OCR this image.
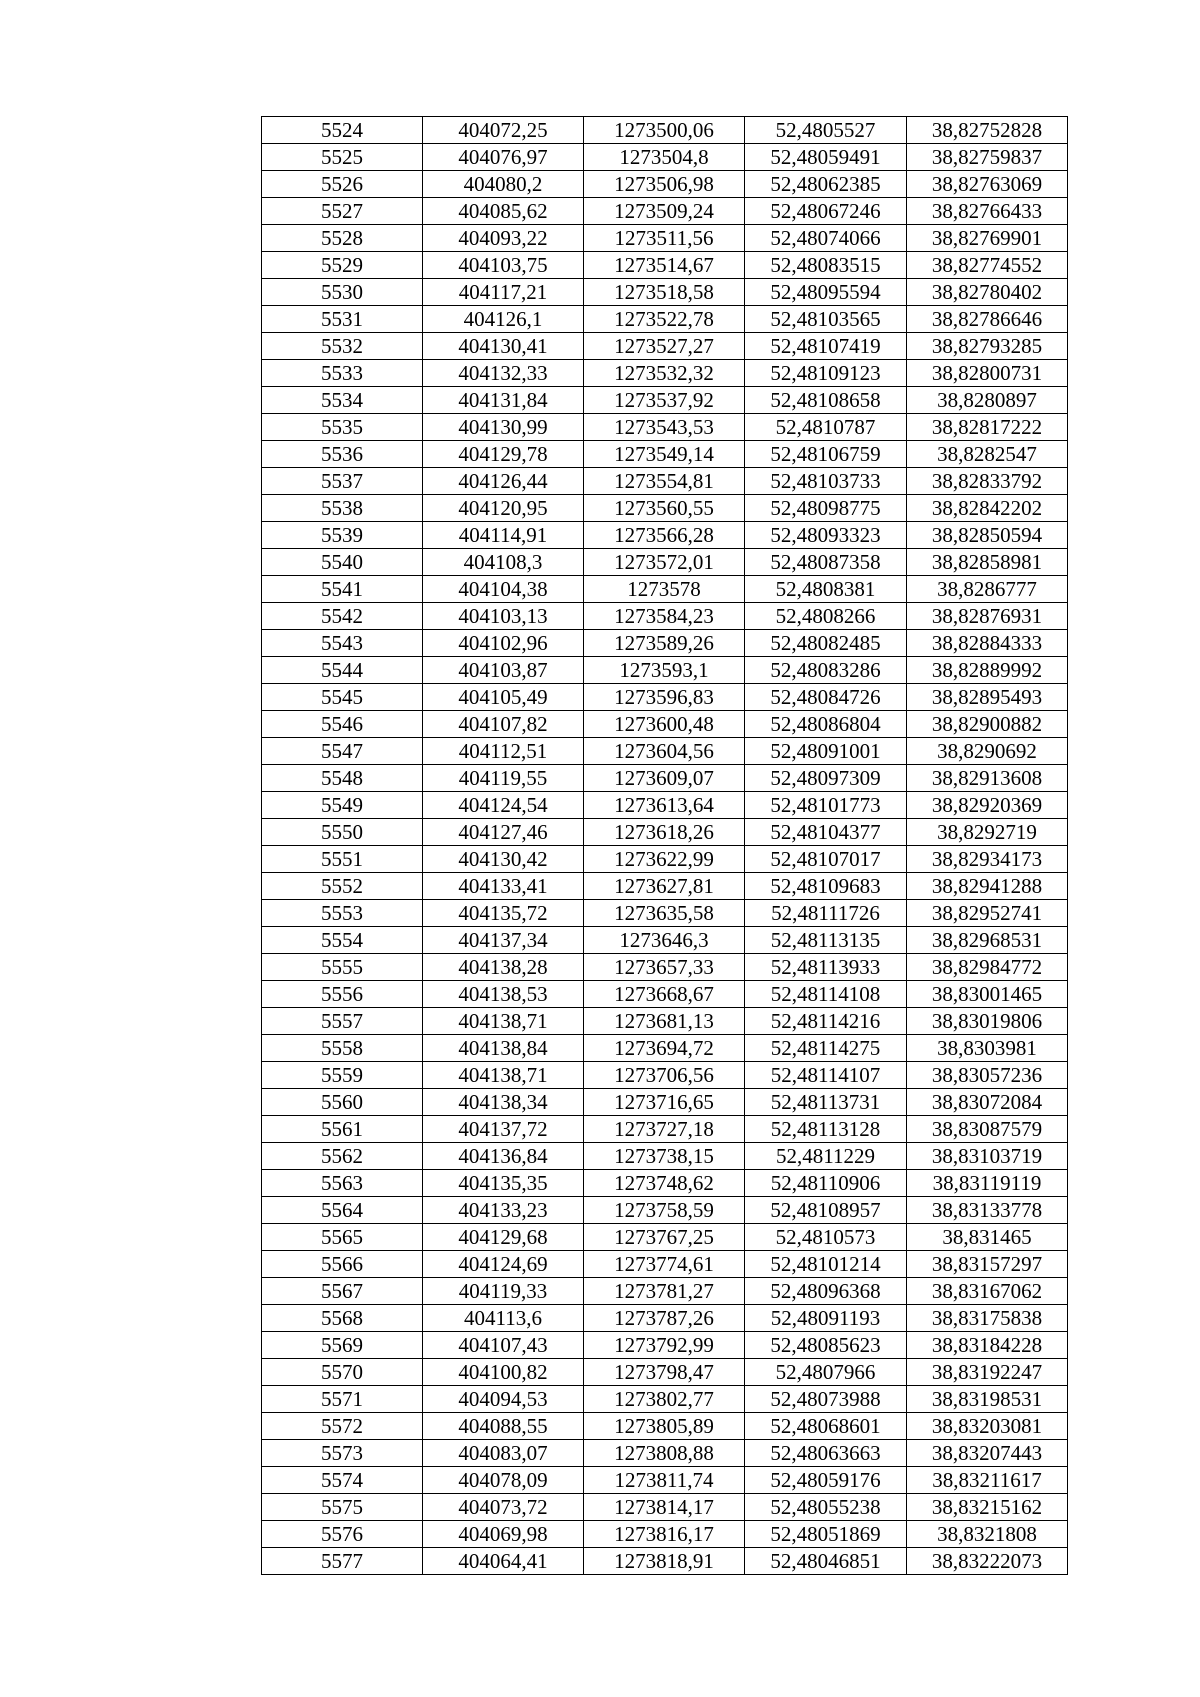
5524	404072,25	1273500,06	52,4805527	38,82752828
5525	404076,97	1273504,8	52,48059491	38,82759837
5526	404080,2	1273506,98	52,48062385	38,82763069
5527	404085,62	1273509,24	52,48067246	38,82766433
5528	404093,22	1273511,56	52,48074066	38,82769901
5529	404103,75	1273514,67	52,48083515	38,82774552
5530	404117,21	1273518,58	52,48095594	38,82780402
5531	404126,1	1273522,78	52,48103565	38,82786646
5532	404130,41	1273527,27	52,48107419	38,82793285
5533	404132,33	1273532,32	52,48109123	38,82800731
5534	404131,84	1273537,92	52,48108658	38,8280897
5535	404130,99	1273543,53	52,4810787	38,82817222
5536	404129,78	1273549,14	52,48106759	38,8282547
5537	404126,44	1273554,81	52,48103733	38,82833792
5538	404120,95	1273560,55	52,48098775	38,82842202
5539	404114,91	1273566,28	52,48093323	38,82850594
5540	404108,3	1273572,01	52,48087358	38,82858981
5541	404104,38	1273578	52,4808381	38,8286777
5542	404103,13	1273584,23	52,4808266	38,82876931
5543	404102,96	1273589,26	52,48082485	38,82884333
5544	404103,87	1273593,1	52,48083286	38,82889992
5545	404105,49	1273596,83	52,48084726	38,82895493
5546	404107,82	1273600,48	52,48086804	38,82900882
5547	404112,51	1273604,56	52,48091001	38,8290692
5548	404119,55	1273609,07	52,48097309	38,82913608
5549	404124,54	1273613,64	52,48101773	38,82920369
5550	404127,46	1273618,26	52,48104377	38,8292719
5551	404130,42	1273622,99	52,48107017	38,82934173
5552	404133,41	1273627,81	52,48109683	38,82941288
5553	404135,72	1273635,58	52,48111726	38,82952741
5554	404137,34	1273646,3	52,48113135	38,82968531
5555	404138,28	1273657,33	52,48113933	38,82984772
5556	404138,53	1273668,67	52,48114108	38,83001465
5557	404138,71	1273681,13	52,48114216	38,83019806
5558	404138,84	1273694,72	52,48114275	38,8303981
5559	404138,71	1273706,56	52,48114107	38,83057236
5560	404138,34	1273716,65	52,48113731	38,83072084
5561	404137,72	1273727,18	52,48113128	38,83087579
5562	404136,84	1273738,15	52,4811229	38,83103719
5563	404135,35	1273748,62	52,48110906	38,83119119
5564	404133,23	1273758,59	52,48108957	38,83133778
5565	404129,68	1273767,25	52,4810573	38,831465
5566	404124,69	1273774,61	52,48101214	38,83157297
5567	404119,33	1273781,27	52,48096368	38,83167062
5568	404113,6	1273787,26	52,48091193	38,83175838
5569	404107,43	1273792,99	52,48085623	38,83184228
5570	404100,82	1273798,47	52,4807966	38,83192247
5571	404094,53	1273802,77	52,48073988	38,83198531
5572	404088,55	1273805,89	52,48068601	38,83203081
5573	404083,07	1273808,88	52,48063663	38,83207443
5574	404078,09	1273811,74	52,48059176	38,83211617
5575	404073,72	1273814,17	52,48055238	38,83215162
5576	404069,98	1273816,17	52,48051869	38,8321808
5577	404064,41	1273818,91	52,48046851	38,83222073
